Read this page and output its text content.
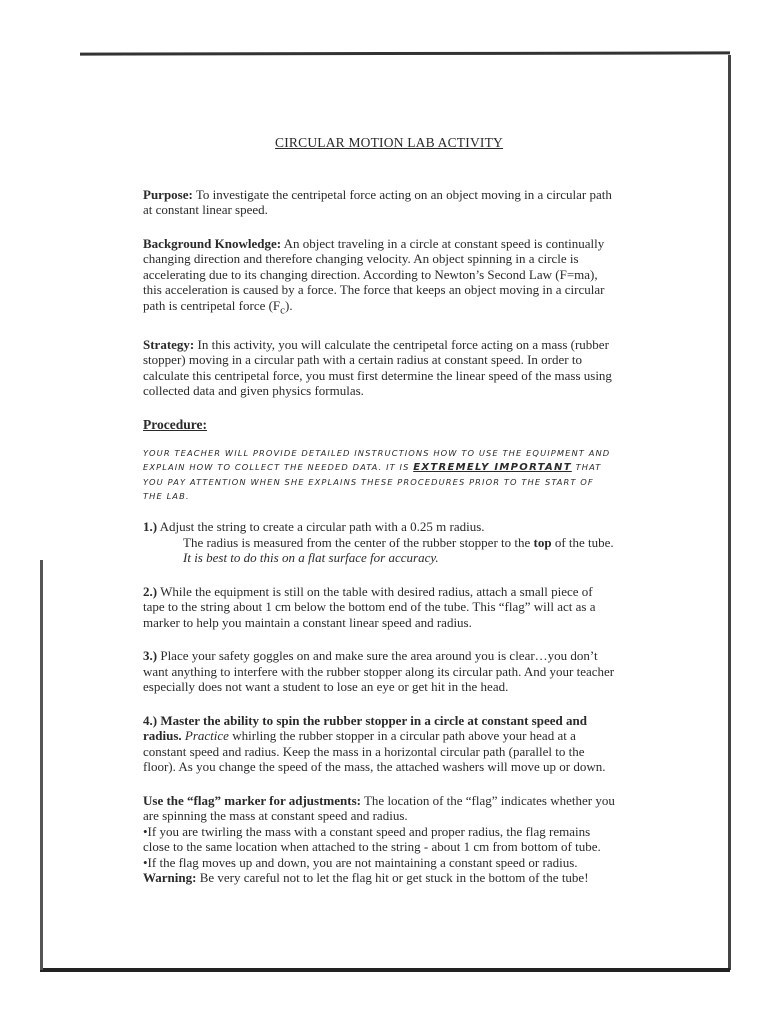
CIRCULAR MOTION LAB ACTIVITY

Purpose: To investigate the centripetal force acting on an object moving in a circular path at constant linear speed.

Background Knowledge: An object traveling in a circle at constant speed is continually changing direction and therefore changing velocity. An object spinning in a circle is accelerating due to its changing direction. According to Newton’s Second Law (F=ma), this acceleration is caused by a force. The force that keeps an object moving in a circular path is centripetal force $(F_c)$.

Strategy: In this activity, you will calculate the centripetal force acting on a mass (rubber stopper) moving in a circular path with a certain radius at constant speed. In order to calculate this centripetal force, you must first determine the linear speed of the mass using collected data and given physics formulas.

Procedure:

YOUR TEACHER WILL PROVIDE DETAILED INSTRUCTIONS HOW TO USE THE EQUIPMENT AND EXPLAIN HOW TO COLLECT THE NEEDED DATA. IT IS EXTREMELY IMPORTANT THAT YOU PAY ATTENTION WHEN SHE EXPLAINS THESE PROCEDURES PRIOR TO THE START OF THE LAB.

1.) Adjust the string to create a circular path with a 0.25 m radius.
The radius is measured from the center of the rubber stopper to the top of the tube. It is best to do this on a flat surface for accuracy.

2.) While the equipment is still on the table with desired radius, attach a small piece of tape to the string about 1 cm below the bottom end of the tube. This “flag” will act as a marker to help you maintain a constant linear speed and radius.

3.) Place your safety goggles on and make sure the area around you is clear…you don’t want anything to interfere with the rubber stopper along its circular path. And your teacher especially does not want a student to lose an eye or get hit in the head.

4.) Master the ability to spin the rubber stopper in a circle at constant speed and radius. Practice whirling the rubber stopper in a circular path above your head at a constant speed and radius. Keep the mass in a horizontal circular path (parallel to the floor). As you change the speed of the mass, the attached washers will move up or down.

Use the “flag” marker for adjustments: The location of the “flag” indicates whether you are spinning the mass at constant speed and radius.
•If you are twirling the mass with a constant speed and proper radius, the flag remains close to the same location when attached to the string - about 1 cm from bottom of tube.
•If the flag moves up and down, you are not maintaining a constant speed or radius.
Warning: Be very careful not to let the flag hit or get stuck in the bottom of the tube!
